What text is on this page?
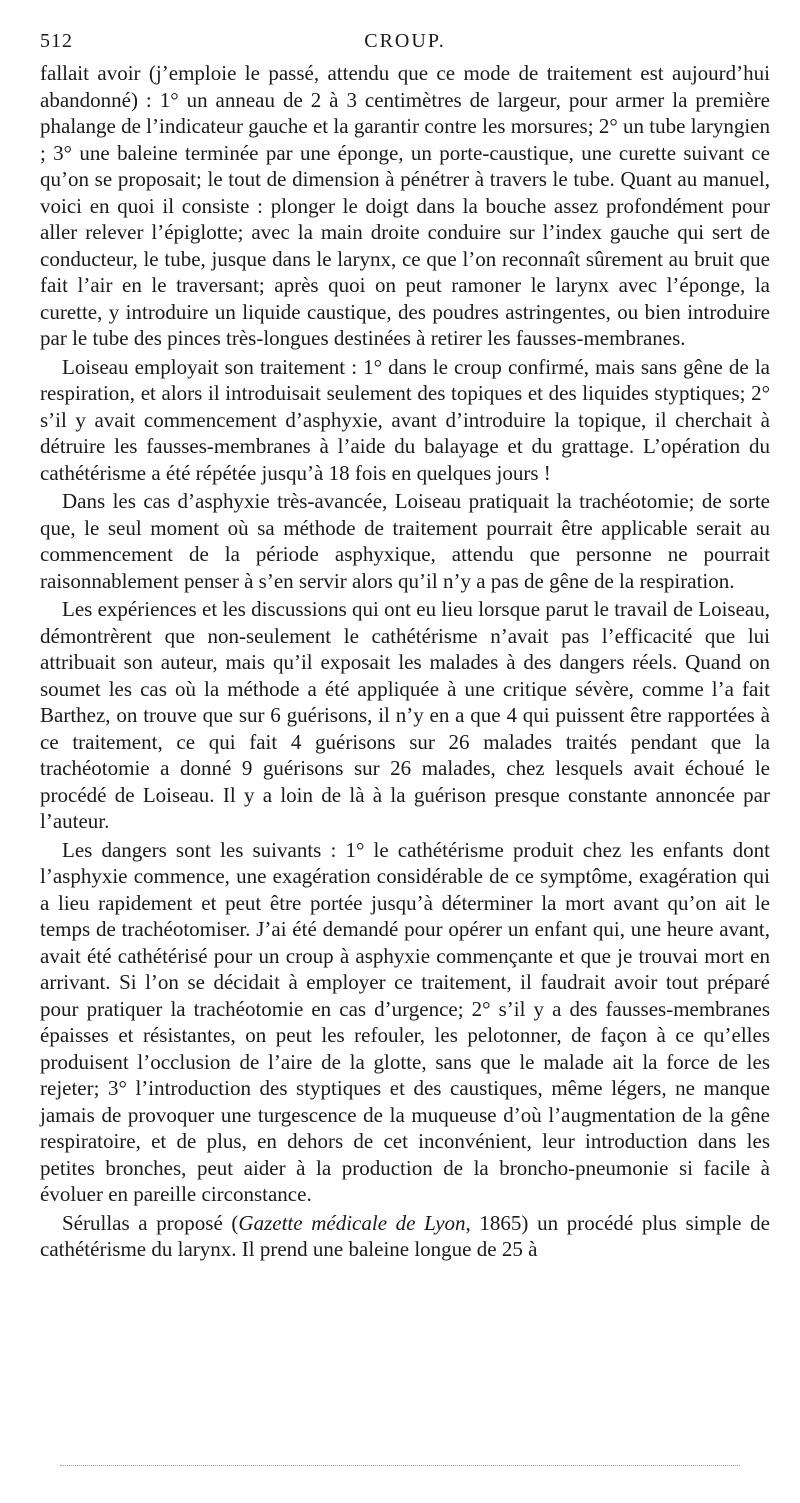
512	CROUP.

fallait avoir (j’emploie le passé, attendu que ce mode de traitement est aujourd’hui abandonné) : 1° un anneau de 2 à 3 centimètres de largeur, pour armer la première phalange de l’indicateur gauche et la garantir contre les morsures; 2° un tube laryngien ; 3° une baleine terminée par une éponge, un porte-caustique, une curette suivant ce qu’on se proposait; le tout de dimension à pénétrer à travers le tube. Quant au manuel, voici en quoi il consiste : plonger le doigt dans la bouche assez profondément pour aller relever l’épiglotte; avec la main droite conduire sur l’index gauche qui sert de conducteur, le tube, jusque dans le larynx, ce que l’on reconnaît sûrement au bruit que fait l’air en le traversant; après quoi on peut ramoner le larynx avec l’éponge, la curette, y introduire un liquide caustique, des poudres astringentes, ou bien introduire par le tube des pinces très-longues destinées à retirer les fausses-membranes.

Loiseau employait son traitement : 1° dans le croup confirmé, mais sans gêne de la respiration, et alors il introduisait seulement des topiques et des liquides styptiques; 2° s’il y avait commencement d’asphyxie, avant d’introduire la topique, il cherchait à détruire les fausses-membranes à l’aide du balayage et du grattage. L’opération du cathétérisme a été répétée jusqu’à 18 fois en quelques jours !

Dans les cas d’asphyxie très-avancée, Loiseau pratiquait la trachéotomie; de sorte que, le seul moment où sa méthode de traitement pourrait être applicable serait au commencement de la période asphyxique, attendu que personne ne pourrait raisonnablement penser à s’en servir alors qu’il n’y a pas de gêne de la respiration.

Les expériences et les discussions qui ont eu lieu lorsque parut le travail de Loiseau, démontrèrent que non-seulement le cathétérisme n’avait pas l’efficacité que lui attribuait son auteur, mais qu’il exposait les malades à des dangers réels. Quand on soumet les cas où la méthode a été appliquée à une critique sévère, comme l’a fait Barthez, on trouve que sur 6 guérisons, il n’y en a que 4 qui puissent être rapportées à ce traitement, ce qui fait 4 guérisons sur 26 malades traités pendant que la trachéotomie a donné 9 guérisons sur 26 malades, chez lesquels avait échoué le procédé de Loiseau. Il y a loin de là à la guérison presque constante annoncée par l’auteur.

Les dangers sont les suivants : 1° le cathétérisme produit chez les enfants dont l’asphyxie commence, une exagération considérable de ce symptôme, exagération qui a lieu rapidement et peut être portée jusqu’à déterminer la mort avant qu’on ait le temps de trachéotomiser. J’ai été demandé pour opérer un enfant qui, une heure avant, avait été cathétérisé pour un croup à asphyxie commençante et que je trouvai mort en arrivant. Si l’on se décidait à employer ce traitement, il faudrait avoir tout préparé pour pratiquer la trachéotomie en cas d’urgence; 2° s’il y a des fausses-membranes épaisses et résistantes, on peut les refouler, les pelotonner, de façon à ce qu’elles produisent l’occlusion de l’aire de la glotte, sans que le malade ait la force de les rejeter; 3° l’introduction des styptiques et des caustiques, même légers, ne manque jamais de provoquer une turgescence de la muqueuse d’où l’augmentation de la gêne respiratoire, et de plus, en dehors de cet inconvénient, leur introduction dans les petites bronches, peut aider à la production de la broncho-pneumonie si facile à évoluer en pareille circonstance.

Sérullas a proposé (Gazette médicale de Lyon, 1865) un procédé plus simple de cathétérisme du larynx. Il prend une baleine longue de 25 à
